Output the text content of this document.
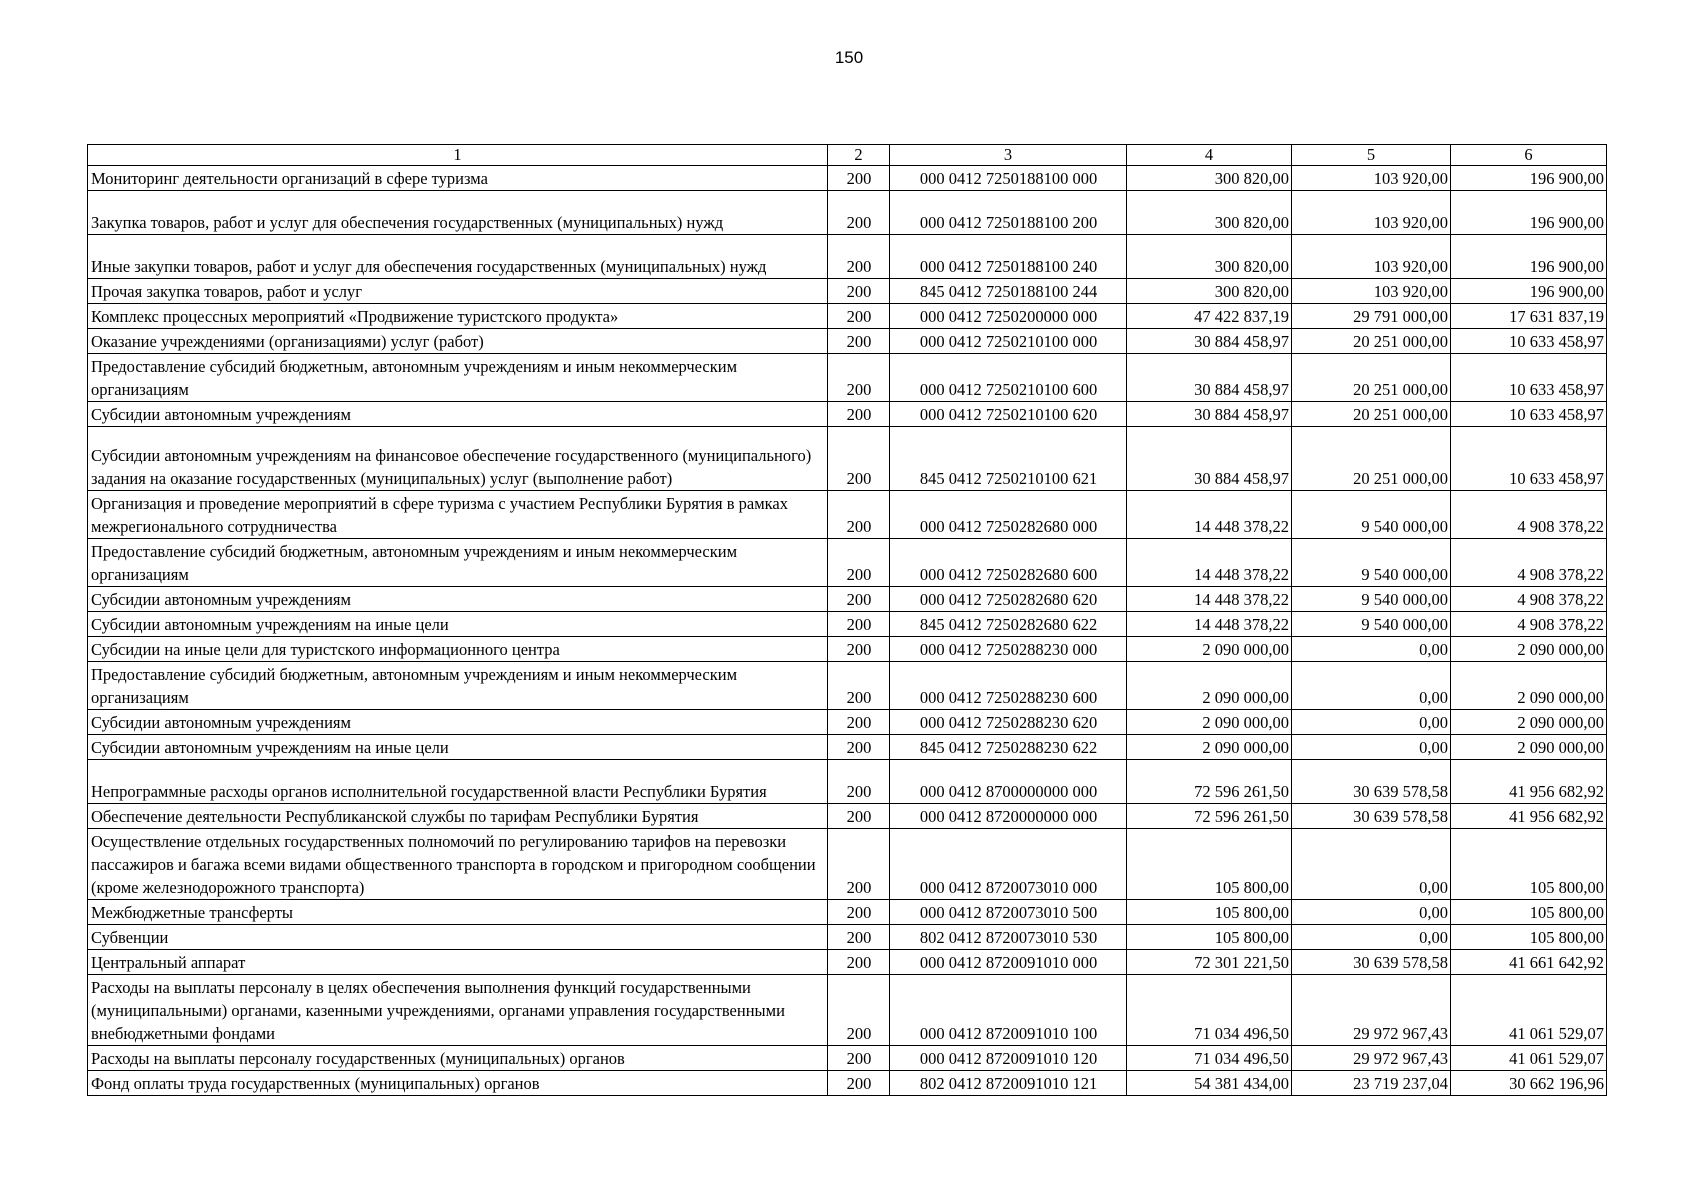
150
1	2	3	4	5	6
Мониторинг деятельности организаций в сфере туризма	200	000 0412 7250188100 000	300 820,00	103 920,00	196 900,00
Закупка товаров, работ и услуг для обеспечения государственных (муниципальных) нужд	200	000 0412 7250188100 200	300 820,00	103 920,00	196 900,00
Иные закупки товаров, работ и услуг для обеспечения государственных (муниципальных) нужд	200	000 0412 7250188100 240	300 820,00	103 920,00	196 900,00
Прочая закупка товаров, работ и услуг	200	845 0412 7250188100 244	300 820,00	103 920,00	196 900,00
Комплекс процессных мероприятий «Продвижение туристского продукта»	200	000 0412 7250200000 000	47 422 837,19	29 791 000,00	17 631 837,19
Оказание учреждениями (организациями) услуг (работ)	200	000 0412 7250210100 000	30 884 458,97	20 251 000,00	10 633 458,97
Предоставление субсидий бюджетным, автономным учреждениям и иным некоммерческим организациям	200	000 0412 7250210100 600	30 884 458,97	20 251 000,00	10 633 458,97
Субсидии автономным учреждениям	200	000 0412 7250210100 620	30 884 458,97	20 251 000,00	10 633 458,97
Субсидии автономным учреждениям на финансовое обеспечение государственного (муниципального) задания на оказание государственных (муниципальных) услуг (выполнение работ)	200	845 0412 7250210100 621	30 884 458,97	20 251 000,00	10 633 458,97
Организация и проведение мероприятий в сфере туризма с участием Республики Бурятия в рамках межрегионального сотрудничества	200	000 0412 7250282680 000	14 448 378,22	9 540 000,00	4 908 378,22
Предоставление субсидий бюджетным, автономным учреждениям и иным некоммерческим организациям	200	000 0412 7250282680 600	14 448 378,22	9 540 000,00	4 908 378,22
Субсидии автономным учреждениям	200	000 0412 7250282680 620	14 448 378,22	9 540 000,00	4 908 378,22
Субсидии автономным учреждениям на иные цели	200	845 0412 7250282680 622	14 448 378,22	9 540 000,00	4 908 378,22
Субсидии на иные цели для туристского информационного центра	200	000 0412 7250288230 000	2 090 000,00	0,00	2 090 000,00
Предоставление субсидий бюджетным, автономным учреждениям и иным некоммерческим организациям	200	000 0412 7250288230 600	2 090 000,00	0,00	2 090 000,00
Субсидии автономным учреждениям	200	000 0412 7250288230 620	2 090 000,00	0,00	2 090 000,00
Субсидии автономным учреждениям на иные цели	200	845 0412 7250288230 622	2 090 000,00	0,00	2 090 000,00
Непрограммные расходы органов исполнительной государственной власти Республики Бурятия	200	000 0412 8700000000 000	72 596 261,50	30 639 578,58	41 956 682,92
Обеспечение деятельности Республиканской службы по тарифам Республики Бурятия	200	000 0412 8720000000 000	72 596 261,50	30 639 578,58	41 956 682,92
Осуществление отдельных государственных полномочий по регулированию тарифов на перевозки пассажиров и багажа всеми видами общественного транспорта в городском и пригородном сообщении (кроме железнодорожного транспорта)	200	000 0412 8720073010 000	105 800,00	0,00	105 800,00
Межбюджетные трансферты	200	000 0412 8720073010 500	105 800,00	0,00	105 800,00
Субвенции	200	802 0412 8720073010 530	105 800,00	0,00	105 800,00
Центральный аппарат	200	000 0412 8720091010 000	72 301 221,50	30 639 578,58	41 661 642,92
Расходы на выплаты персоналу в целях обеспечения выполнения функций государственными (муниципальными) органами, казенными учреждениями, органами управления государственными внебюджетными фондами	200	000 0412 8720091010 100	71 034 496,50	29 972 967,43	41 061 529,07
Расходы на выплаты персоналу государственных (муниципальных) органов	200	000 0412 8720091010 120	71 034 496,50	29 972 967,43	41 061 529,07
Фонд оплаты труда государственных (муниципальных) органов	200	802 0412 8720091010 121	54 381 434,00	23 719 237,04	30 662 196,96
